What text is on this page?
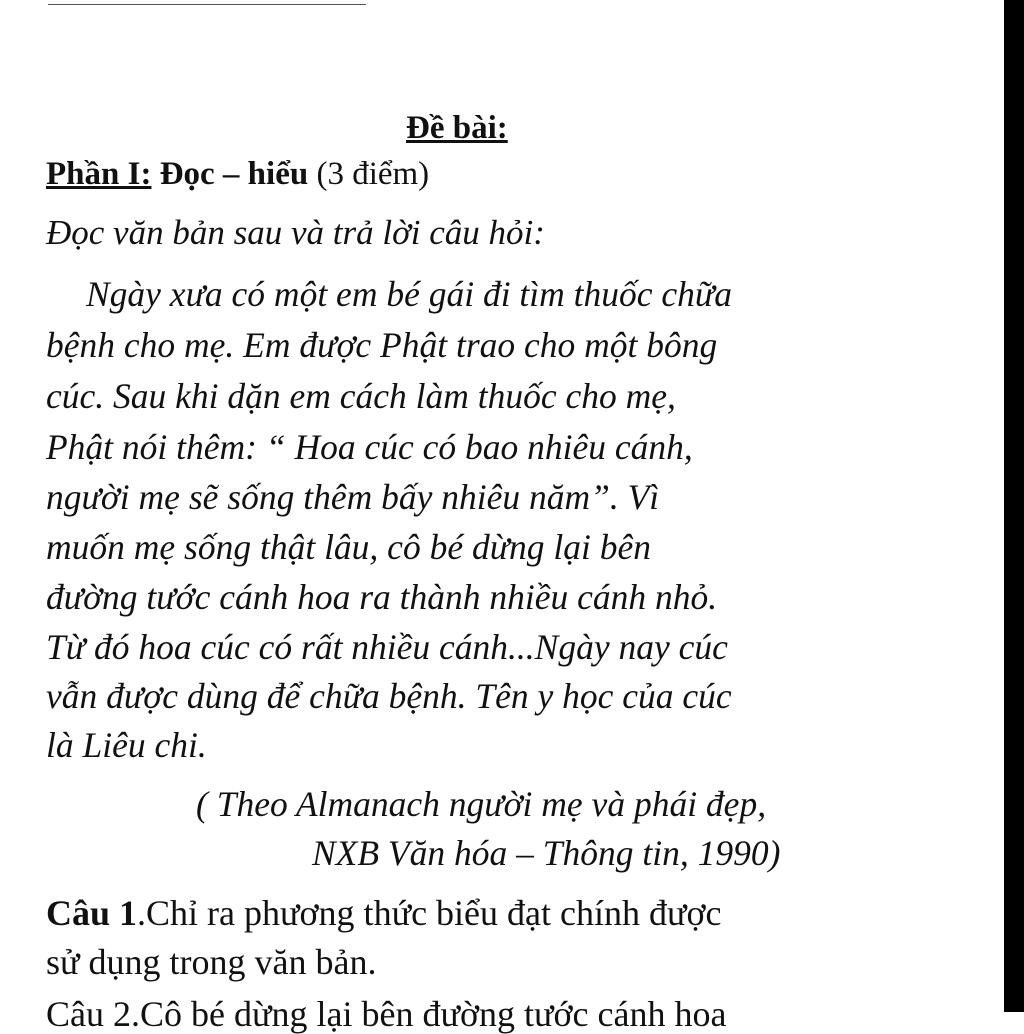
Đề bài:
Phần I: Đọc – hiểu (3 điểm)
Đọc văn bản sau và trả lời câu hỏi:
Ngày xưa có một em bé gái đi tìm thuốc chữa
bệnh cho mẹ. Em được Phật trao cho một bông
cúc. Sau khi dặn em cách làm thuốc cho mẹ,
Phật nói thêm: “ Hoa cúc có bao nhiêu cánh,
người mẹ sẽ sống thêm bấy nhiêu năm”. Vì
muốn mẹ sống thật lâu, cô bé dừng lại bên
đường tước cánh hoa ra thành nhiều cánh nhỏ.
Từ đó hoa cúc có rất nhiều cánh...Ngày nay cúc
vẫn được dùng để chữa bệnh. Tên y học của cúc
là Liêu chi.
( Theo Almanach người mẹ và phái đẹp,
NXB Văn hóa – Thông tin, 1990)
Câu 1.Chỉ ra phương thức biểu đạt chính được
sử dụng trong văn bản.
Câu 2.Cô bé dừng lại bên đường tước cánh hoa
